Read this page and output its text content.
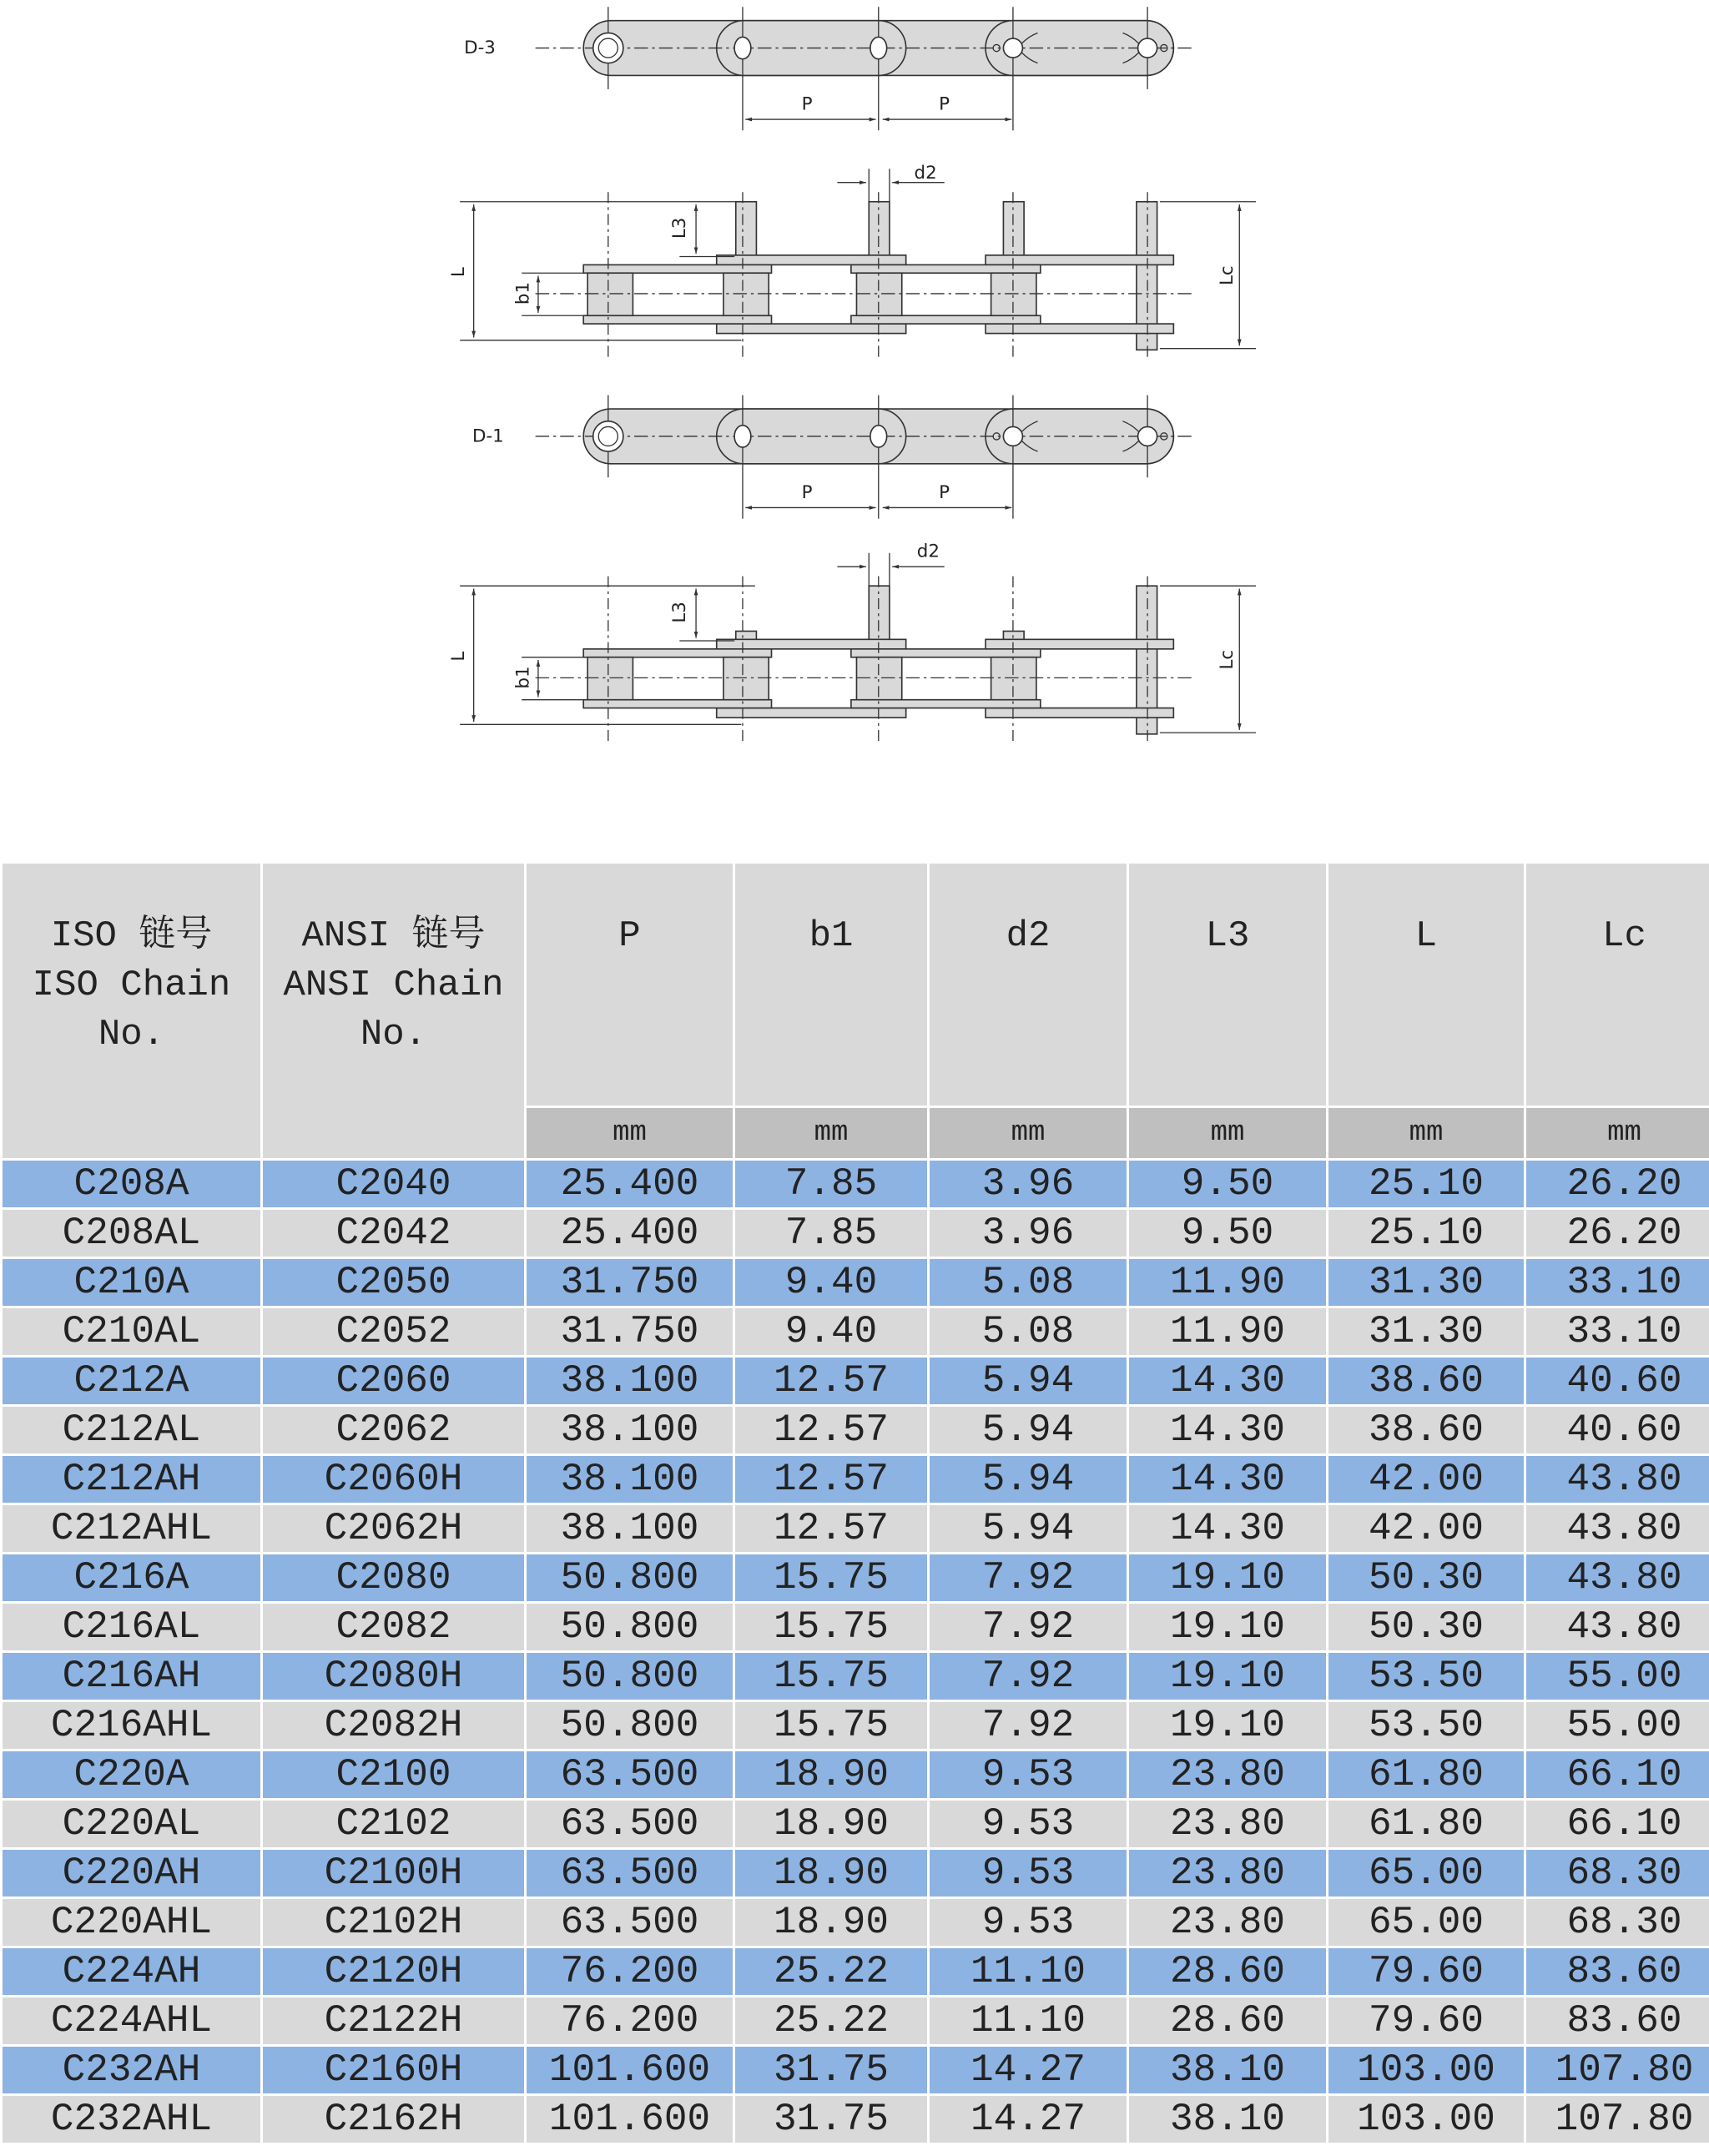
D-3
D-1
P	P
P	P
d2
d2
L
L
L3
L3
b1
b1
Lc
Lc
ISO 链号
ISO Chain
No.	ANSI 链号
ANSI Chain
No.	P	b1	d2	L3	L	Lc
		mm	mm	mm	mm	mm	mm
C208A	C2040	25.400	7.85	3.96	9.50	25.10	26.20
C208AL	C2042	25.400	7.85	3.96	9.50	25.10	26.20
C210A	C2050	31.750	9.40	5.08	11.90	31.30	33.10
C210AL	C2052	31.750	9.40	5.08	11.90	31.30	33.10
C212A	C2060	38.100	12.57	5.94	14.30	38.60	40.60
C212AL	C2062	38.100	12.57	5.94	14.30	38.60	40.60
C212AH	C2060H	38.100	12.57	5.94	14.30	42.00	43.80
C212AHL	C2062H	38.100	12.57	5.94	14.30	42.00	43.80
C216A	C2080	50.800	15.75	7.92	19.10	50.30	43.80
C216AL	C2082	50.800	15.75	7.92	19.10	50.30	43.80
C216AH	C2080H	50.800	15.75	7.92	19.10	53.50	55.00
C216AHL	C2082H	50.800	15.75	7.92	19.10	53.50	55.00
C220A	C2100	63.500	18.90	9.53	23.80	61.80	66.10
C220AL	C2102	63.500	18.90	9.53	23.80	61.80	66.10
C220AH	C2100H	63.500	18.90	9.53	23.80	65.00	68.30
C220AHL	C2102H	63.500	18.90	9.53	23.80	65.00	68.30
C224AH	C2120H	76.200	25.22	11.10	28.60	79.60	83.60
C224AHL	C2122H	76.200	25.22	11.10	28.60	79.60	83.60
C232AH	C2160H	101.600	31.75	14.27	38.10	103.00	107.80
C232AHL	C2162H	101.600	31.75	14.27	38.10	103.00	107.80
